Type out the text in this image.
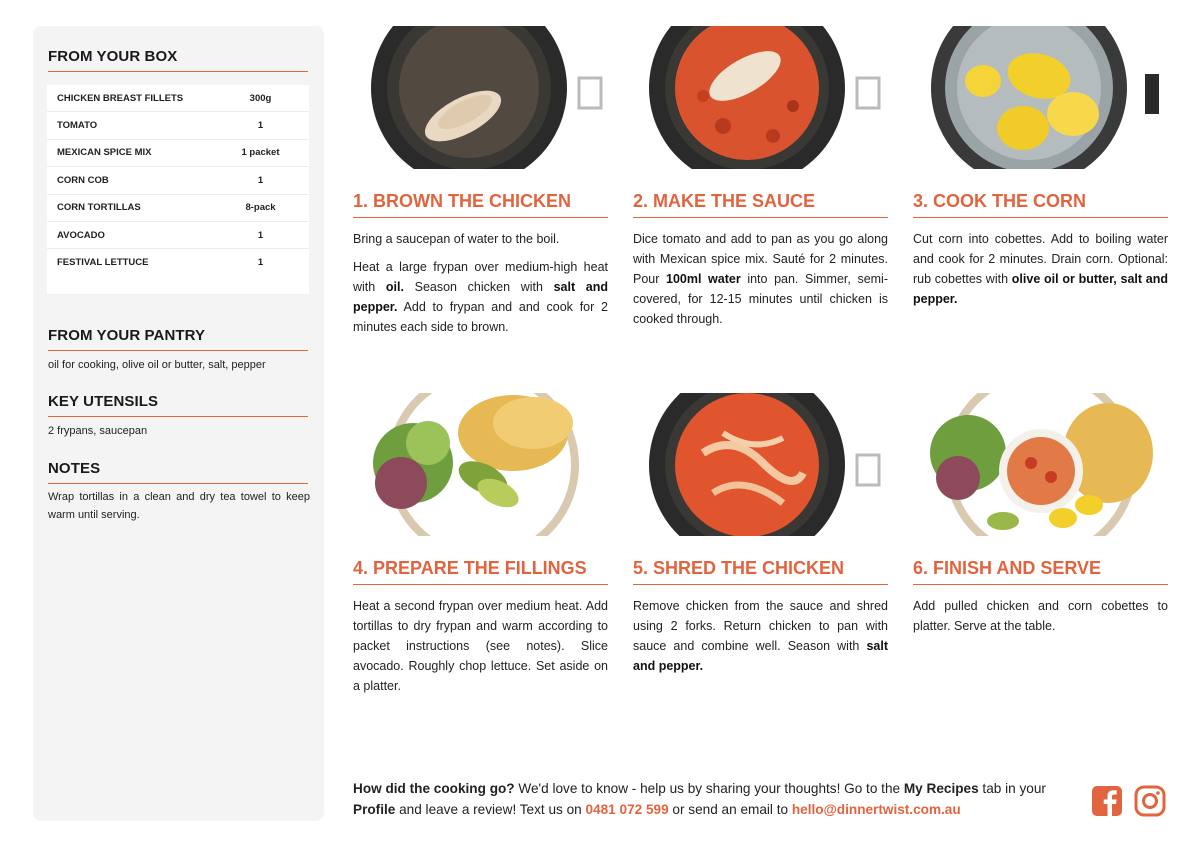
FROM YOUR BOX
CHICKEN BREAST FILLETS	300g
TOMATO	1
MEXICAN SPICE MIX	1 packet
CORN COB	1
CORN TORTILLAS	8-pack
AVOCADO	1
FESTIVAL LETTUCE	1
FROM YOUR PANTRY
oil for cooking, olive oil or butter, salt, pepper
KEY UTENSILS
2 frypans, saucepan
NOTES
Wrap tortillas in a clean and dry tea towel to keep warm until serving.
1. BROWN THE CHICKEN

Bring a saucepan of water to the boil.

Heat a large frypan over medium-high heat with oil. Season chicken with salt and pepper. Add to frypan and and cook for 2 minutes each side to brown.

2. MAKE THE SAUCE

Dice tomato and add to pan as you go along with Mexican spice mix. Sauté for 2 minutes. Pour 100ml water into pan. Simmer, semi-covered, for 12-15 minutes until chicken is cooked through.

3. COOK THE CORN

Cut corn into cobettes. Add to boiling water and cook for 2 minutes. Drain corn. Optional: rub cobettes with olive oil or butter, salt and pepper.

4. PREPARE THE FILLINGS

Heat a second frypan over medium heat. Add tortillas to dry frypan and warm according to packet instructions (see notes). Slice avocado. Roughly chop lettuce. Set aside on a platter.

5. SHRED THE CHICKEN

Remove chicken from the sauce and shred using 2 forks. Return chicken to pan with sauce and combine well. Season with salt and pepper.

6. FINISH AND SERVE

Add pulled chicken and corn cobettes to platter. Serve at the table.

How did the cooking go? We'd love to know - help us by sharing your thoughts! Go to the My Recipes tab in your Profile and leave a review! Text us on 0481 072 599 or send an email to hello@dinnertwist.com.au
